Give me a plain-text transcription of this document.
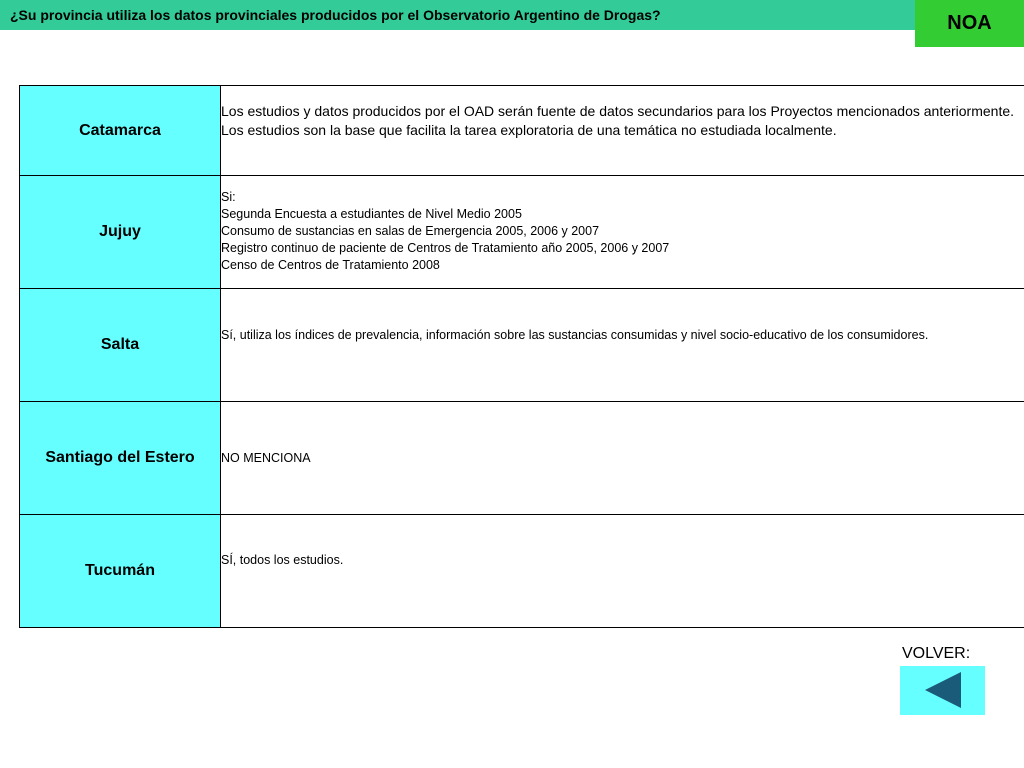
¿Su provincia utiliza los datos provinciales producidos por el Observatorio Argentino de Drogas?	NOA
Catamarca	Los estudios y datos producidos por el OAD serán fuente de datos secundarios para los Proyectos mencionados anteriormente.
Los estudios son la base que facilita la tarea exploratoria de una temática no estudiada localmente.

Jujuy	Si:
Segunda Encuesta a estudiantes de Nivel Medio 2005
Consumo de sustancias en salas de Emergencia 2005, 2006 y 2007
Registro continuo de paciente de Centros de Tratamiento año 2005, 2006 y 2007
Censo de Centros de Tratamiento 2008

Salta	Sí, utiliza los índices de prevalencia, información sobre las sustancias consumidas y nivel socio-educativo de los consumidores.

Santiago del Estero	NO MENCIONA

Tucumán	SÍ, todos los estudios.
VOLVER:
